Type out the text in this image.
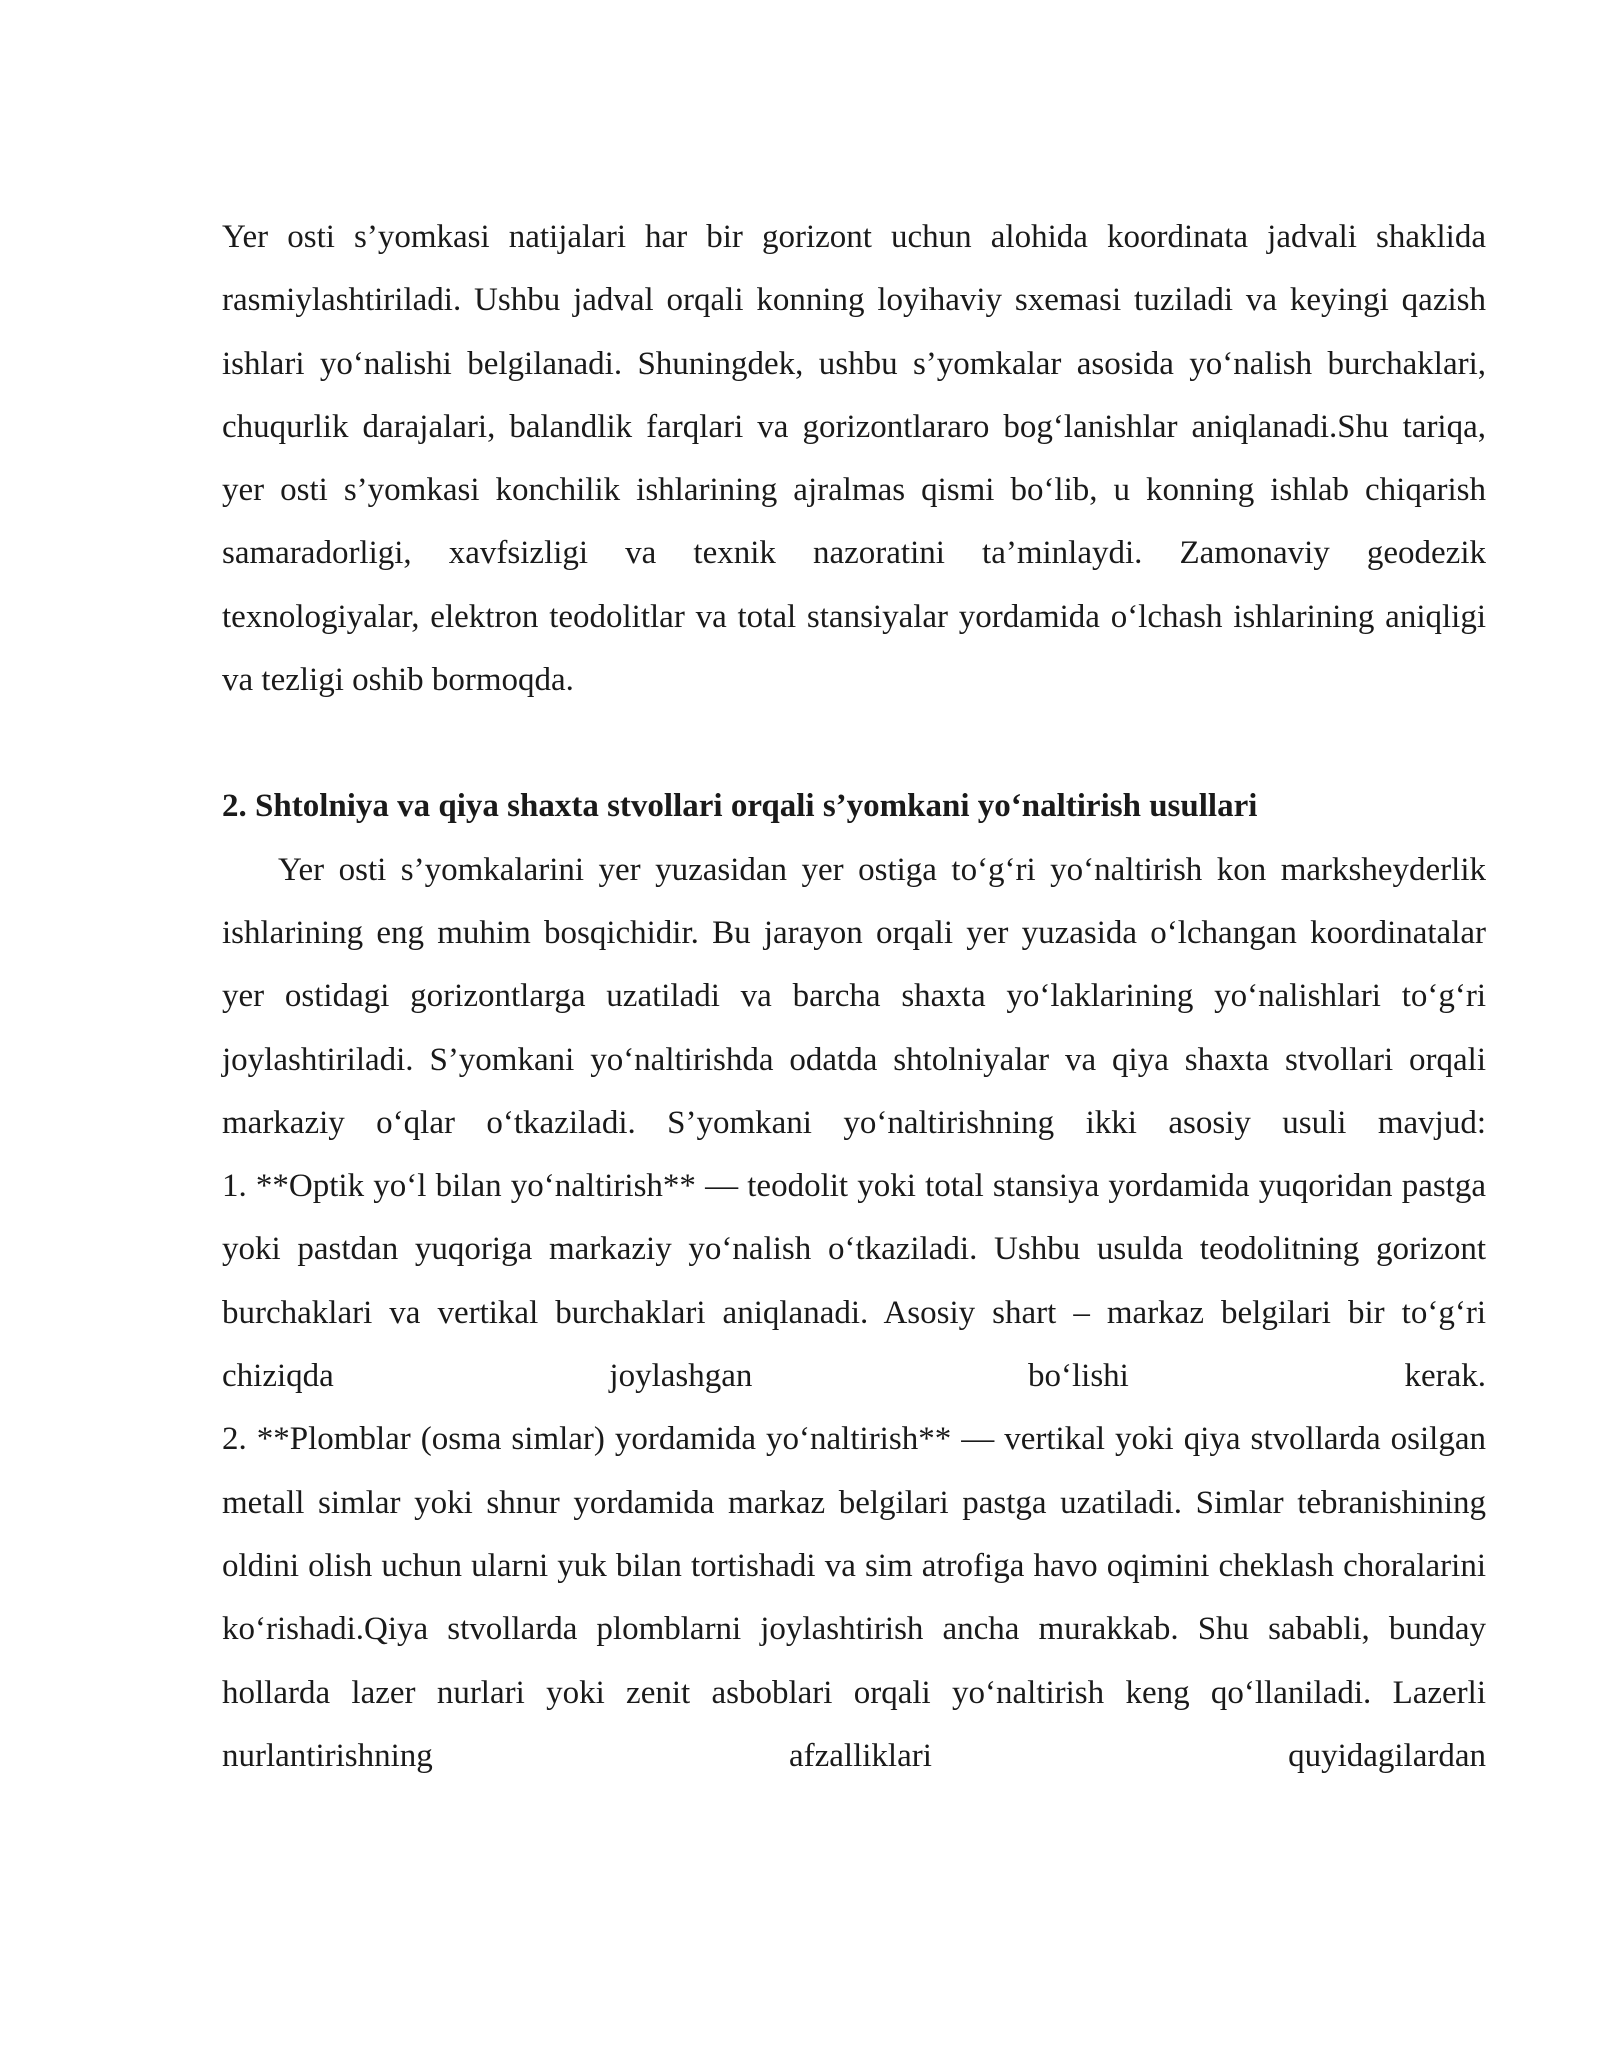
Yer osti s’yomkasi natijalari har bir gorizont uchun alohida koordinata jadvali shaklida rasmiylashtiriladi. Ushbu jadval orqali konning loyihaviy sxemasi tuziladi va keyingi qazish ishlari yo‘nalishi belgilanadi. Shuningdek, ushbu s’yomkalar asosida yo‘nalish burchaklari, chuqurlik darajalari, balandlik farqlari va gorizontlararo bog‘lanishlar aniqlanadi.Shu tariqa, yer osti s’yomkasi konchilik ishlarining ajralmas qismi bo‘lib, u konning ishlab chiqarish samaradorligi, xavfsizligi va texnik nazoratini ta’minlaydi. Zamonaviy geodezik texnologiyalar, elektron teodolitlar va total stansiyalar yordamida o‘lchash ishlarining aniqligi va tezligi oshib bormoqda.

2. Shtolniya va qiya shaxta stvollari orqali s’yomkani yo‘naltirish usullari

Yer osti s’yomkalarini yer yuzasidan yer ostiga to‘g‘ri yo‘naltirish kon marksheyderlik ishlarining eng muhim bosqichidir. Bu jarayon orqali yer yuzasida o‘lchangan koordinatalar yer ostidagi gorizontlarga uzatiladi va barcha shaxta yo‘laklarining yo‘nalishlari to‘g‘ri joylashtiriladi. S’yomkani yo‘naltirishda odatda shtolniyalar va qiya shaxta stvollari orqali markaziy o‘qlar o‘tkaziladi. S’yomkani yo‘naltirishning ikki asosiy usuli mavjud:

1. **Optik yo‘l bilan yo‘naltirish** — teodolit yoki total stansiya yordamida yuqoridan pastga yoki pastdan yuqoriga markaziy yo‘nalish o‘tkaziladi. Ushbu usulda teodolitning gorizont burchaklari va vertikal burchaklari aniqlanadi. Asosiy shart – markaz belgilari bir to‘g‘ri chiziqda joylashgan bo‘lishi kerak.

2. **Plomblar (osma simlar) yordamida yo‘naltirish** — vertikal yoki qiya stvollarda osilgan metall simlar yoki shnur yordamida markaz belgilari pastga uzatiladi. Simlar tebranishining oldini olish uchun ularni yuk bilan tortishadi va sim atrofiga havo oqimini cheklash choralarini ko‘rishadi.Qiya stvollarda plomblarni joylashtirish ancha murakkab. Shu sababli, bunday hollarda lazer nurlari yoki zenit asboblari orqali yo‘naltirish keng qo‘llaniladi. Lazerli nurlantirishning afzalliklari quyidagilardan
